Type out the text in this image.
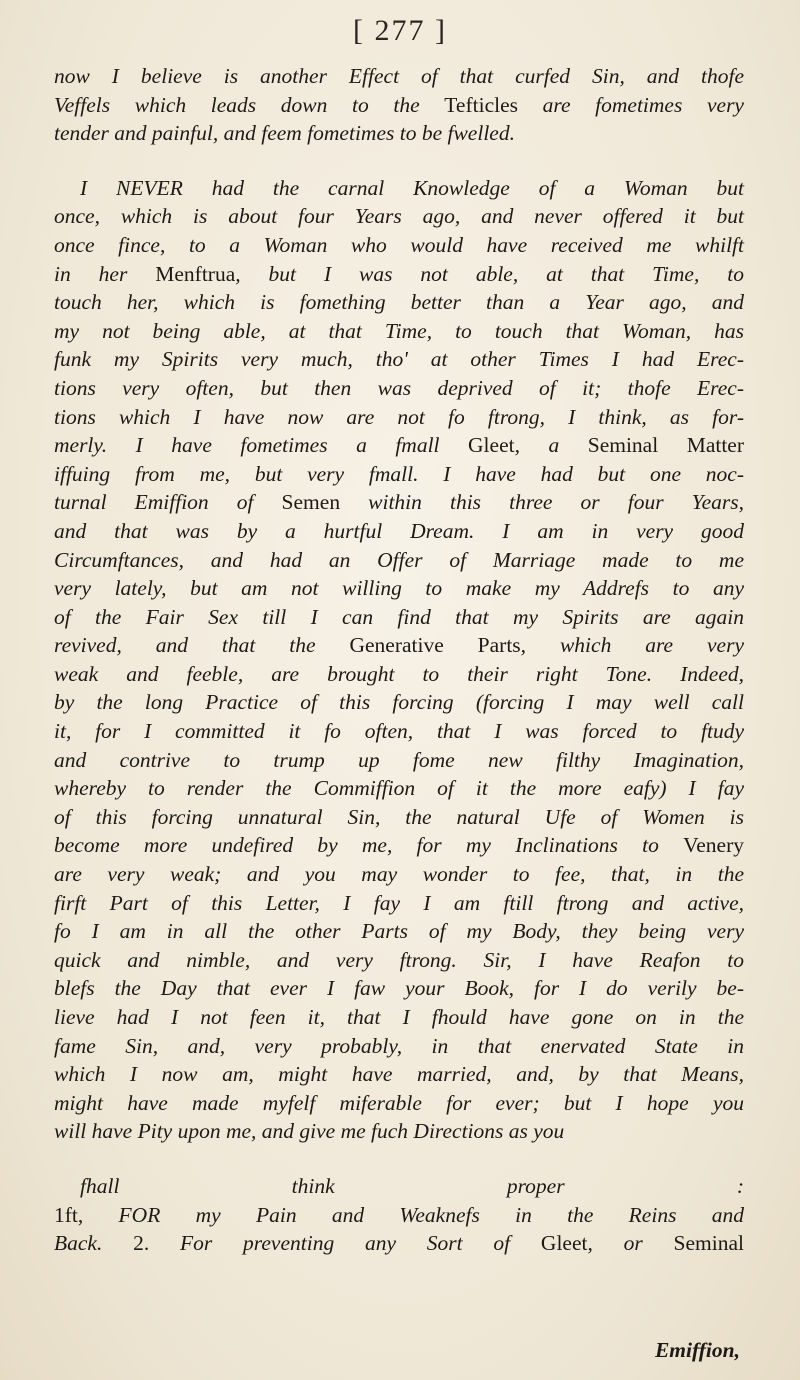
[ 277 ]
now I believe is another Effect of that curfed Sin, and thofe
Veffels which leads down to the Tefticles are fometimes very
tender and painful, and feem fometimes to be fwelled.
I NEVER had the carnal Knowledge of a Woman but
once, which is about four Years ago, and never offered it but
once fince, to a Woman who would have received me whilft
in her Menftrua, but I was not able, at that Time, to
touch her, which is fomething better than a Year ago, and
my not being able, at that Time, to touch that Woman, has
funk my Spirits very much, tho' at other Times I had Erec-
tions very often, but then was deprived of it; thofe Erec-
tions which I have now are not fo ftrong, I think, as for-
merly. I have fometimes a fmall Gleet, a Seminal Matter
iffuing from me, but very fmall. I have had but one noc-
turnal Emiffion of Semen within this three or four Years,
and that was by a hurtful Dream. I am in very good
Circumftances, and had an Offer of Marriage made to me
very lately, but am not willing to make my Addrefs to any
of the Fair Sex till I can find that my Spirits are again
revived, and that the Generative Parts, which are very
weak and feeble, are brought to their right Tone. Indeed,
by the long Practice of this forcing (forcing I may well call
it, for I committed it fo often, that I was forced to ftudy
and contrive to trump up fome new filthy Imagination,
whereby to render the Commiffion of it the more eafy) I fay
of this forcing unnatural Sin, the natural Ufe of Women is
become more undefired by me, for my Inclinations to Venery
are very weak; and you may wonder to fee, that, in the
firft Part of this Letter, I fay I am ftill ftrong and active,
fo I am in all the other Parts of my Body, they being very
quick and nimble, and very ftrong. Sir, I have Reafon to
blefs the Day that ever I faw your Book, for I do verily be-
lieve had I not feen it, that I fhould have gone on in the
fame Sin, and, very probably, in that enervated State in
which I now am, might have married, and, by that Means,
might have made myfelf miferable for ever; but I hope you
will have Pity upon me, and give me fuch Directions as you
fhall think proper :
1ft, FOR my Pain and Weaknefs in the Reins and
Back. 2. For preventing any Sort of Gleet, or Seminal
Emiffion,
